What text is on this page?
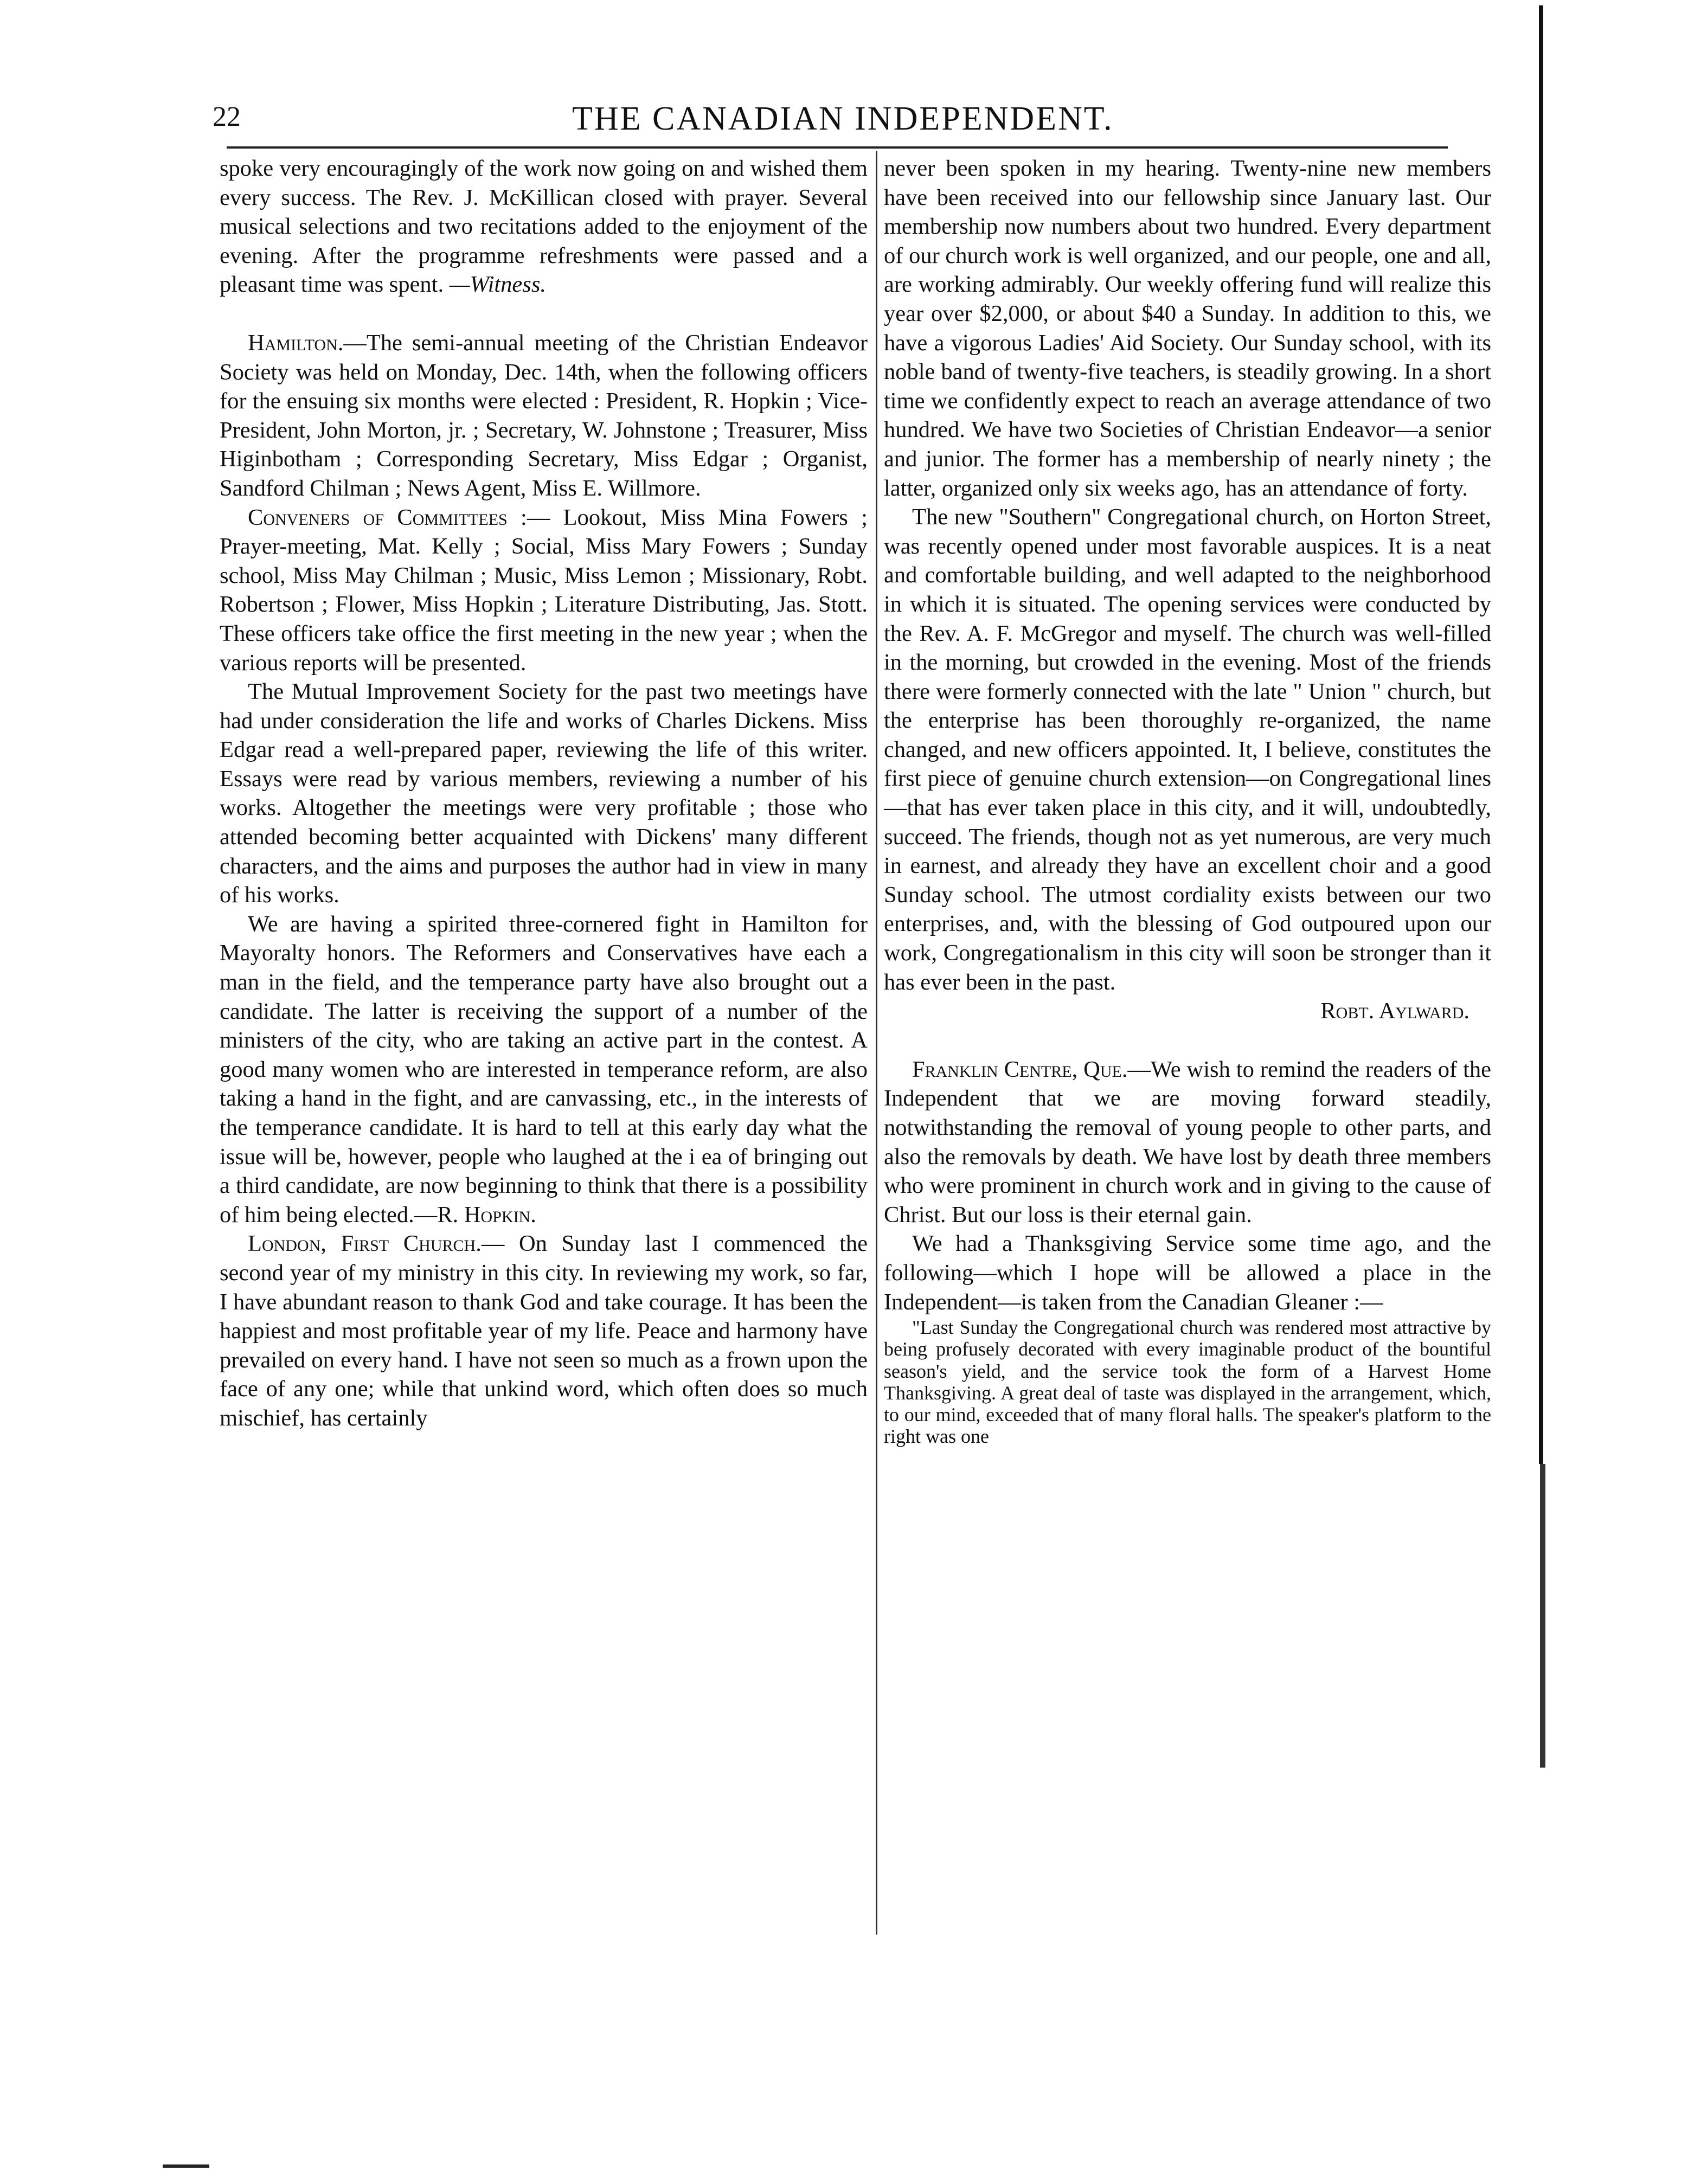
22	THE CANADIAN INDEPENDENT.

spoke very encouragingly of the work now going on and wished them every success. The Rev. J. McKillican closed with prayer. Several musical selections and two recitations added to the enjoyment of the evening. After the programme refreshments were passed and a pleasant time was spent. —Witness.

Hamilton.—The semi-annual meeting of the Christian Endeavor Society was held on Monday, Dec. 14th, when the following officers for the ensuing six months were elected : President, R. Hopkin ; Vice-President, John Morton, jr. ; Secretary, W. Johnstone ; Treasurer, Miss Higinbotham ; Corresponding Secretary, Miss Edgar ; Organist, Sandford Chilman ; News Agent, Miss E. Willmore.

Conveners of Committees :— Lookout, Miss Mina Fowers ; Prayer-meeting, Mat. Kelly ; Social, Miss Mary Fowers ; Sunday school, Miss May Chilman ; Music, Miss Lemon ; Missionary, Robt. Robertson ; Flower, Miss Hopkin ; Literature Distributing, Jas. Stott. These officers take office the first meeting in the new year ; when the various reports will be presented.

The Mutual Improvement Society for the past two meetings have had under consideration the life and works of Charles Dickens. Miss Edgar read a well-prepared paper, reviewing the life of this writer. Essays were read by various members, reviewing a number of his works. Altogether the meetings were very profitable ; those who attended becoming better acquainted with Dickens' many different characters, and the aims and purposes the author had in view in many of his works.

We are having a spirited three-cornered fight in Hamilton for Mayoralty honors. The Reformers and Conservatives have each a man in the field, and the temperance party have also brought out a candidate. The latter is receiving the support of a number of the ministers of the city, who are taking an active part in the contest. A good many women who are interested in temperance reform, are also taking a hand in the fight, and are canvassing, etc., in the interests of the temperance candidate. It is hard to tell at this early day what the issue will be, however, people who laughed at the i ea of bringing out a third candidate, are now beginning to think that there is a possibility of him being elected.—R. Hopkin.

London, First Church.— On Sunday last I commenced the second year of my ministry in this city. In reviewing my work, so far, I have abundant reason to thank God and take courage. It has been the happiest and most profitable year of my life. Peace and harmony have prevailed on every hand. I have not seen so much as a frown upon the face of any one; while that unkind word, which often does so much mischief, has certainly

never been spoken in my hearing. Twenty-nine new members have been received into our fellowship since January last. Our membership now numbers about two hundred. Every department of our church work is well organized, and our people, one and all, are working admirably. Our weekly offering fund will realize this year over $2,000, or about $40 a Sunday. In addition to this, we have a vigorous Ladies' Aid Society. Our Sunday school, with its noble band of twenty-five teachers, is steadily growing. In a short time we confidently expect to reach an average attendance of two hundred. We have two Societies of Christian Endeavor—a senior and junior. The former has a membership of nearly ninety ; the latter, organized only six weeks ago, has an attendance of forty.

The new "Southern" Congregational church, on Horton Street, was recently opened under most favorable auspices. It is a neat and comfortable building, and well adapted to the neighborhood in which it is situated. The opening services were conducted by the Rev. A. F. McGregor and myself. The church was well-filled in the morning, but crowded in the evening. Most of the friends there were formerly connected with the late " Union " church, but the enterprise has been thoroughly re-organized, the name changed, and new officers appointed. It, I believe, constitutes the first piece of genuine church extension—on Congregational lines—that has ever taken place in this city, and it will, undoubtedly, succeed. The friends, though not as yet numerous, are very much in earnest, and already they have an excellent choir and a good Sunday school. The utmost cordiality exists between our two enterprises, and, with the blessing of God outpoured upon our work, Congregationalism in this city will soon be stronger than it has ever been in the past.

Robt. Aylward.

Franklin Centre, Que.—We wish to remind the readers of the Independent that we are moving forward steadily, notwithstanding the removal of young people to other parts, and also the removals by death. We have lost by death three members who were prominent in church work and in giving to the cause of Christ. But our loss is their eternal gain.

We had a Thanksgiving Service some time ago, and the following—which I hope will be allowed a place in the Independent—is taken from the Canadian Gleaner :—

"Last Sunday the Congregational church was rendered most attractive by being profusely decorated with every imaginable product of the bountiful season's yield, and the service took the form of a Harvest Home Thanksgiving. A great deal of taste was displayed in the arrangement, which, to our mind, exceeded that of many floral halls. The speaker's platform to the right was one
